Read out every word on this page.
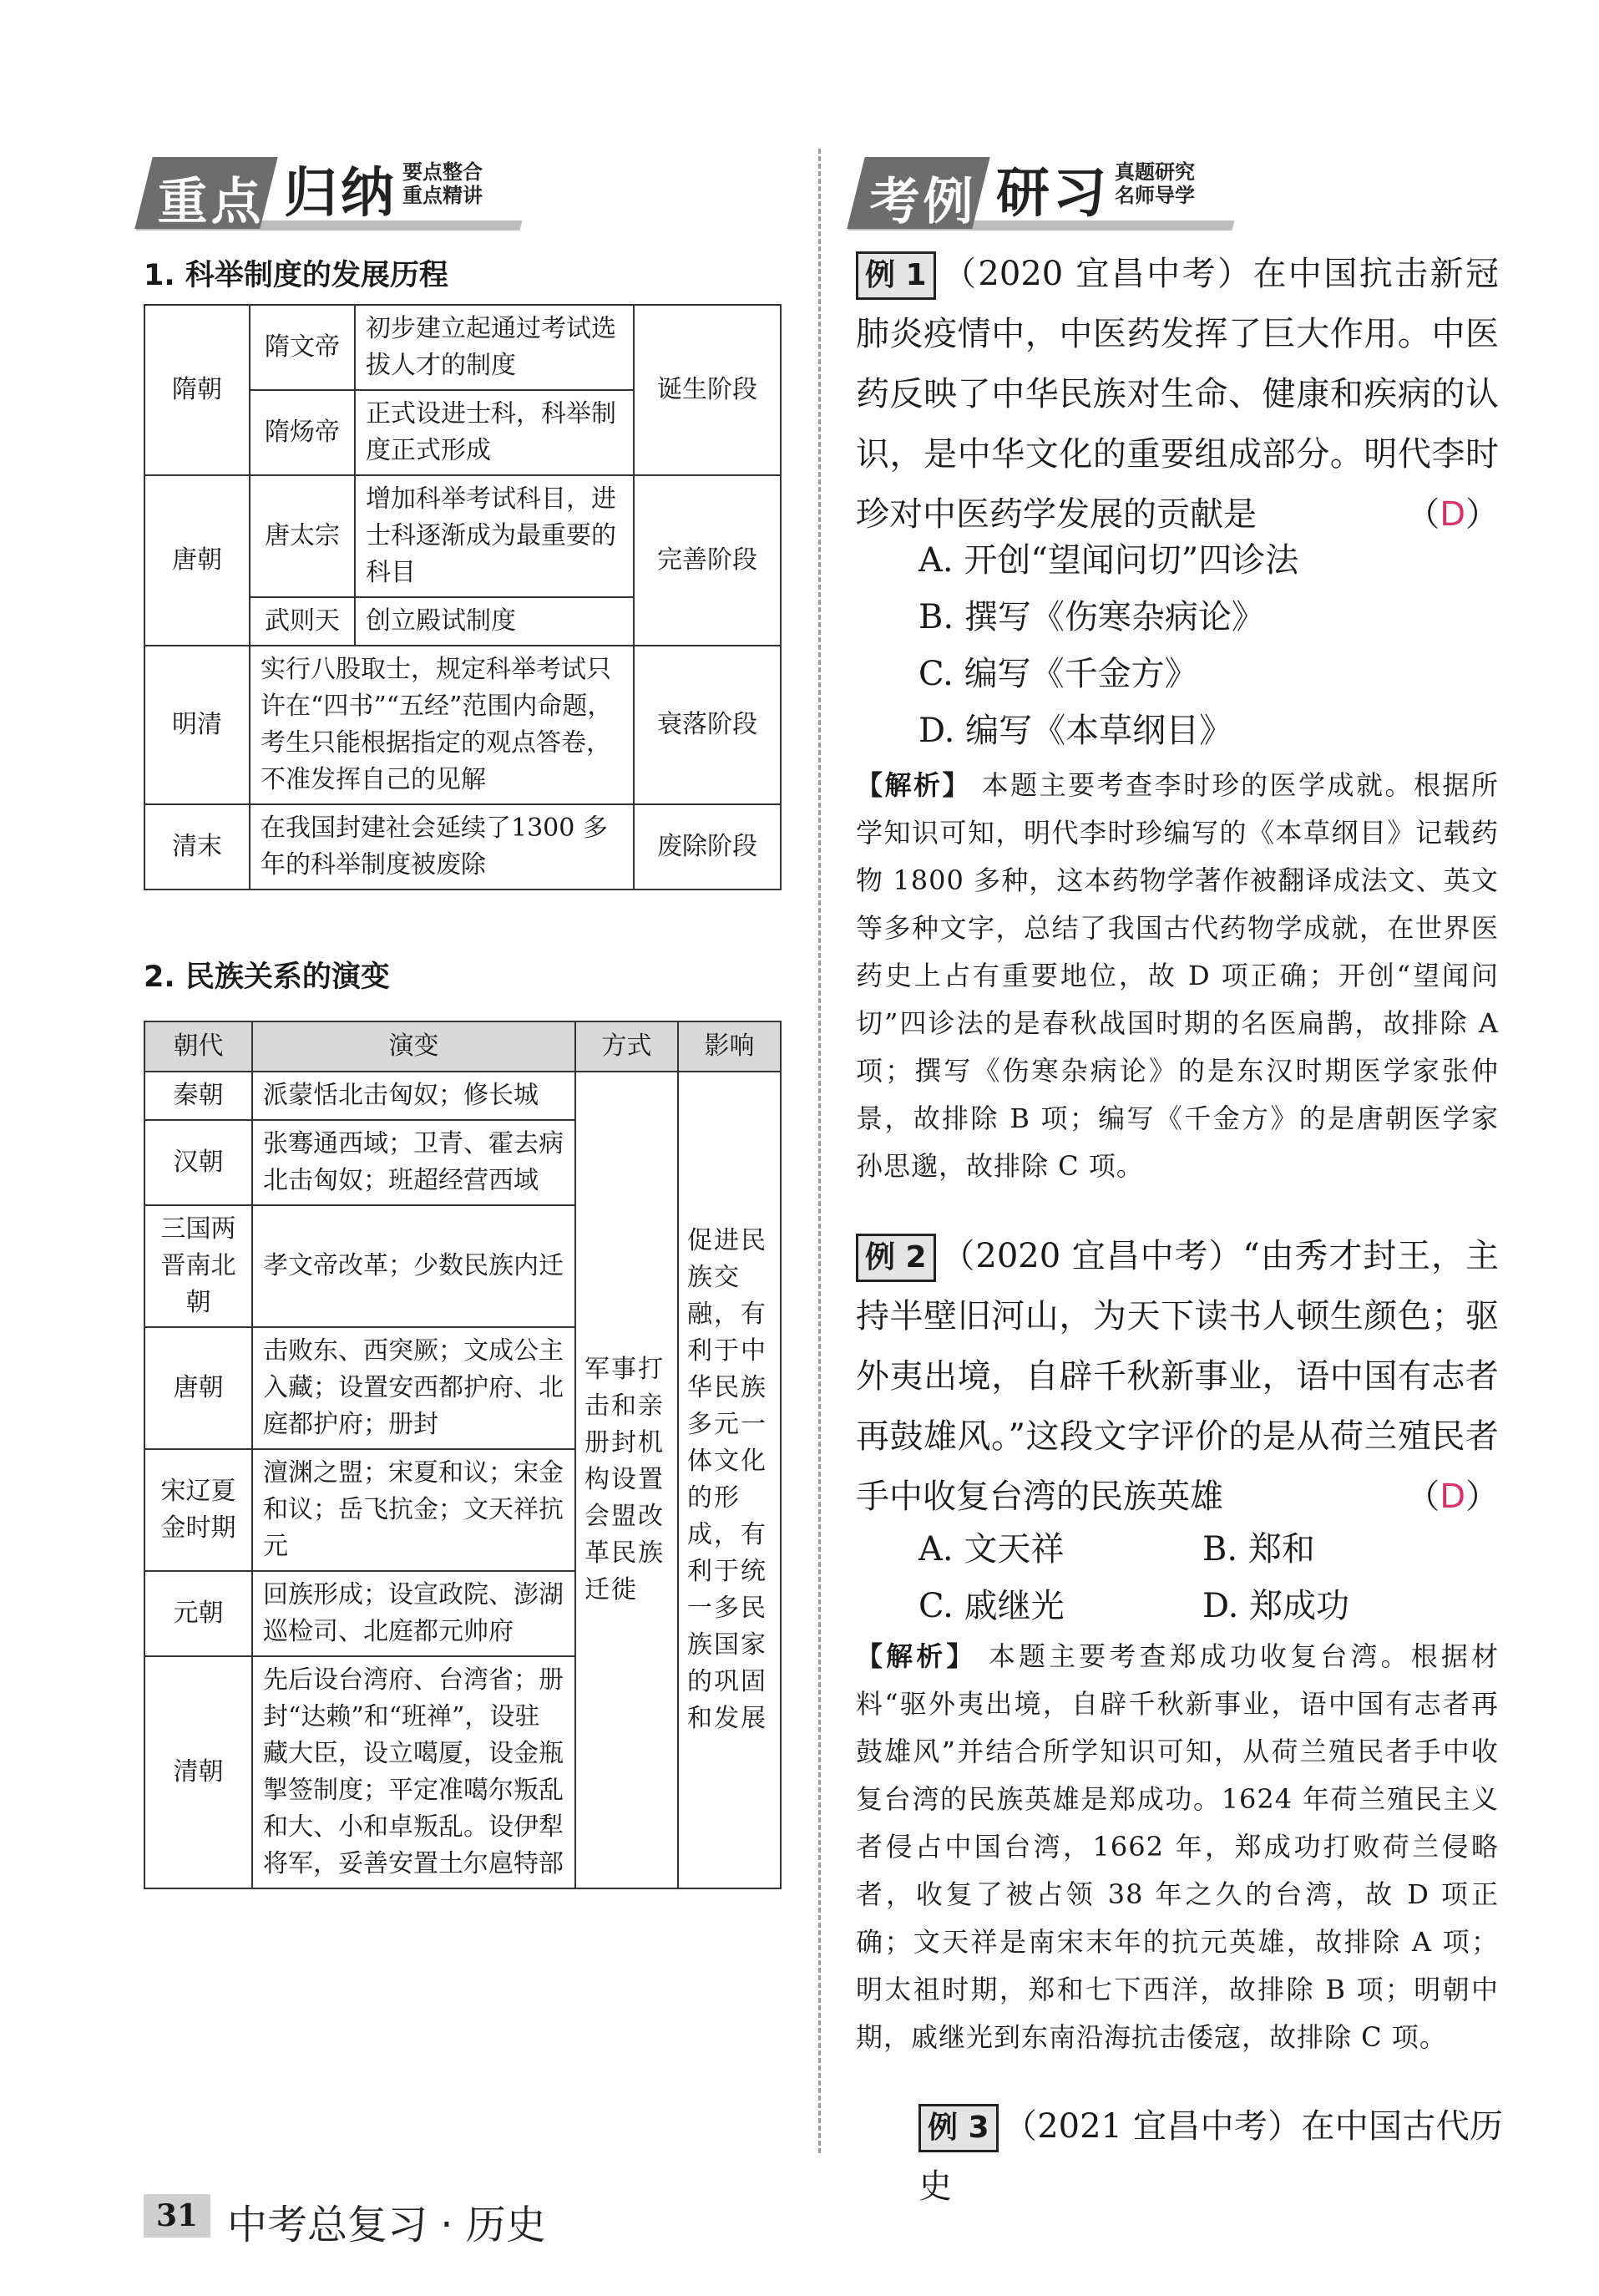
重点 归纳 要点整合
重点精讲	考例 研习 真题研究
名师导学
1. 科举制度的发展历程
隋朝	隋文帝	初步建立起通过考试选拔人才的制度	诞生阶段
	隋炀帝	正式设进士科，科举制度正式形成	
唐朝	唐太宗	增加科举考试科目，进士科逐渐成为最重要的科目	完善阶段
	武则天	创立殿试制度	
明清	实行八股取士，规定科举考试只许在“四书”“五经”范围内命题，考生只能根据指定的观点答卷，不准发挥自己的见解		衰落阶段
清末	在我国封建社会延续了1300 多年的科举制度被废除		废除阶段
2. 民族关系的演变
朝代	演变	方式	影响
秦朝	派蒙恬北击匈奴；修长城	军事打击和亲册封机构设置会盟改革民族迁徙	促进民族交融，有利于中华民族多元一体文化的形成，有利于统一多民族国家的巩固和发展
汉朝	张骞通西域；卫青、霍去病北击匈奴；班超经营西域		
三国两晋南北朝	孝文帝改革；少数民族内迁		
唐朝	击败东、西突厥；文成公主入藏；设置安西都护府、北庭都护府；册封		
宋辽夏金时期	澶渊之盟；宋夏和议；宋金和议；岳飞抗金；文天祥抗元		
元朝	回族形成；设宣政院、澎湖巡检司、北庭都元帅府		
清朝	先后设台湾府、台湾省；册封“达赖”和“班禅”，设驻藏大臣，设立噶厦，设金瓶掣签制度；平定准噶尔叛乱和大、小和卓叛乱。设伊犁将军，妥善安置土尔扈特部		
例 1 （2020 宜昌中考）在中国抗击新冠肺炎疫情中，中医药发挥了巨大作用。中医药反映了中华民族对生命、健康和疾病的认识，是中华文化的重要组成部分。明代李时珍对中医药学发展的贡献是	（D）
A. 开创“望闻问切”四诊法
B. 撰写《伤寒杂病论》
C. 编写《千金方》
D. 编写《本草纲目》
【解析】 本题主要考查李时珍的医学成就。根据所学知识可知，明代李时珍编写的《本草纲目》记载药物 1800 多种，这本药物学著作被翻译成法文、英文等多种文字，总结了我国古代药物学成就，在世界医药史上占有重要地位，故 D 项正确；开创“望闻问切”四诊法的是春秋战国时期的名医扁鹊，故排除 A 项；撰写《伤寒杂病论》的是东汉时期医学家张仲景，故排除 B 项；编写《千金方》的是唐朝医学家孙思邈，故排除 C 项。
例 2 （2020 宜昌中考）“由秀才封王，主持半壁旧河山，为天下读书人顿生颜色；驱外夷出境，自辟千秋新事业，语中国有志者再鼓雄风。”这段文字评价的是从荷兰殖民者手中收复台湾的民族英雄	（D）
A. 文天祥	B. 郑和
C. 戚继光	D. 郑成功
【解析】 本题主要考查郑成功收复台湾。根据材料“驱外夷出境，自辟千秋新事业，语中国有志者再鼓雄风”并结合所学知识可知，从荷兰殖民者手中收复台湾的民族英雄是郑成功。1624 年荷兰殖民主义者侵占中国台湾，1662 年，郑成功打败荷兰侵略者，收复了被占领 38 年之久的台湾，故 D 项正确；文天祥是南宋末年的抗元英雄，故排除 A 项；明太祖时期，郑和七下西洋，故排除 B 项；明朝中期，戚继光到东南沿海抗击倭寇，故排除 C 项。
例 3 （2021 宜昌中考）在中国古代历史
31 中考总复习 · 历史
